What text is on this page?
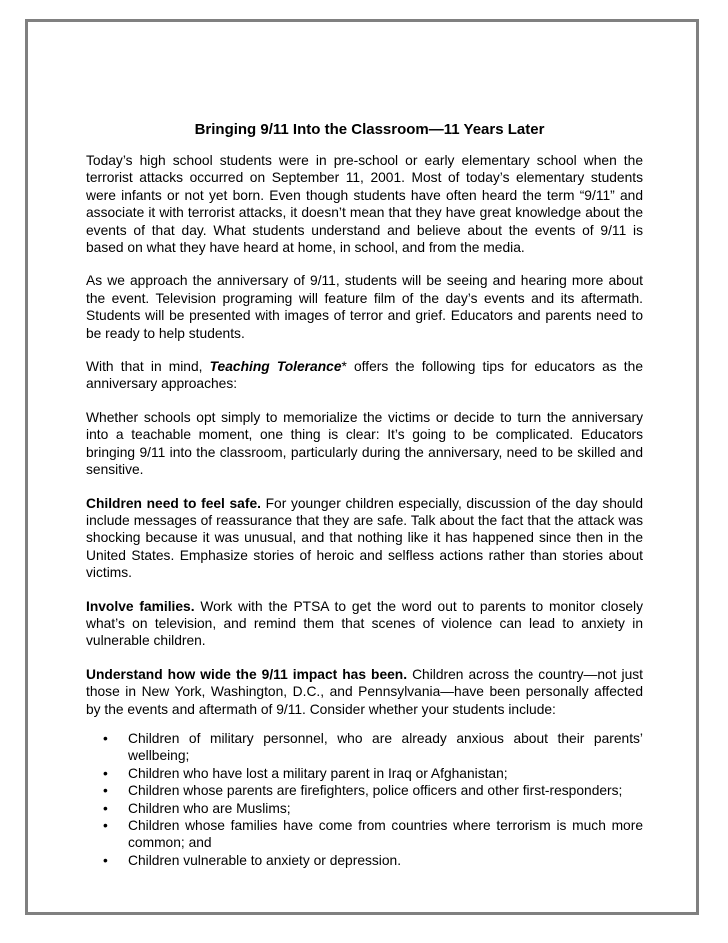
Bringing 9/11 Into the Classroom—11 Years Later

Today’s high school students were in pre-school or early elementary school when the terrorist attacks occurred on September 11, 2001. Most of today’s elementary students were infants or not yet born. Even though students have often heard the term “9/11” and associate it with terrorist attacks, it doesn’t mean that they have great knowledge about the events of that day. What students understand and believe about the events of 9/11 is based on what they have heard at home, in school, and from the media.

As we approach the anniversary of 9/11, students will be seeing and hearing more about the event. Television programing will feature film of the day’s events and its aftermath. Students will be presented with images of terror and grief. Educators and parents need to be ready to help students.

With that in mind, Teaching Tolerance* offers the following tips for educators as the anniversary approaches:

Whether schools opt simply to memorialize the victims or decide to turn the anniversary into a teachable moment, one thing is clear: It’s going to be complicated. Educators bringing 9/11 into the classroom, particularly during the anniversary, need to be skilled and sensitive.

Children need to feel safe. For younger children especially, discussion of the day should include messages of reassurance that they are safe. Talk about the fact that the attack was shocking because it was unusual, and that nothing like it has happened since then in the United States. Emphasize stories of heroic and selfless actions rather than stories about victims.

Involve families. Work with the PTSA to get the word out to parents to monitor closely what’s on television, and remind them that scenes of violence can lead to anxiety in vulnerable children.

Understand how wide the 9/11 impact has been. Children across the country—not just those in New York, Washington, D.C., and Pennsylvania—have been personally affected by the events and aftermath of 9/11. Consider whether your students include:

• Children of military personnel, who are already anxious about their parents’ wellbeing;
• Children who have lost a military parent in Iraq or Afghanistan;
• Children whose parents are firefighters, police officers and other first-responders;
• Children who are Muslims;
• Children whose families have come from countries where terrorism is much more common; and
• Children vulnerable to anxiety or depression.
